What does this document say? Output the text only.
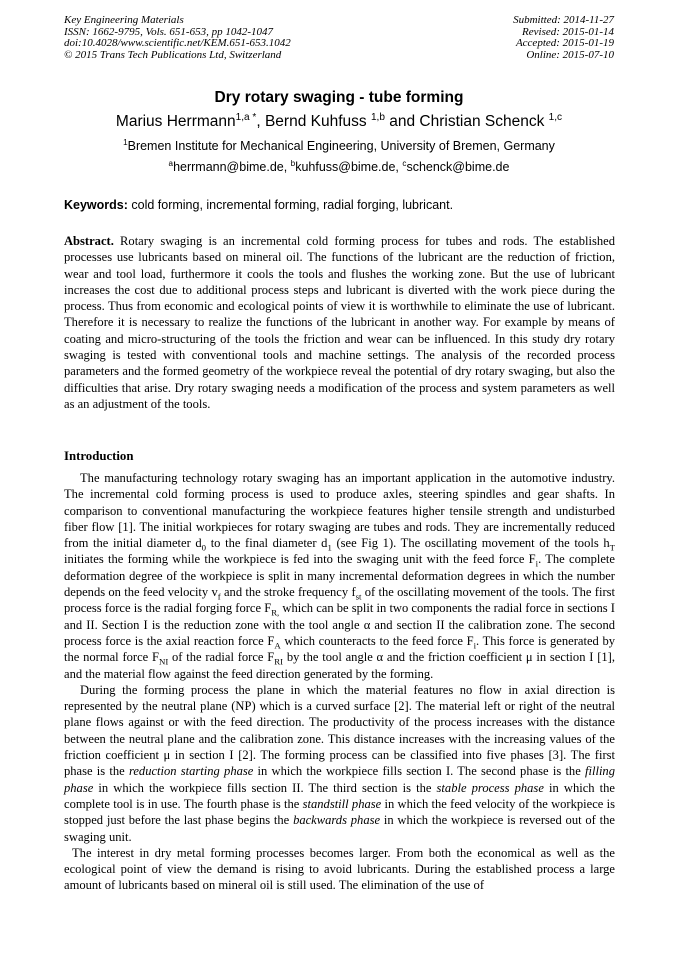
Key Engineering Materials
ISSN: 1662-9795, Vols. 651-653, pp 1042-1047
doi:10.4028/www.scientific.net/KEM.651-653.1042
© 2015 Trans Tech Publications Ltd, Switzerland
Submitted: 2014-11-27
Revised: 2015-01-14
Accepted: 2015-01-19
Online: 2015-07-10
Dry rotary swaging - tube forming
Marius Herrmann$^{1,a *}$, Bernd Kuhfuss $^{1,b}$ and Christian Schenck $^{1,c}$
$^1$Bremen Institute for Mechanical Engineering, University of Bremen, Germany
$^a$herrmann@bime.de, $^b$kuhfuss@bime.de, $^c$schenck@bime.de
Keywords: cold forming, incremental forming, radial forging, lubricant.
Abstract. Rotary swaging is an incremental cold forming process for tubes and rods. The established processes use lubricants based on mineral oil. The functions of the lubricant are the reduction of friction, wear and tool load, furthermore it cools the tools and flushes the working zone. But the use of lubricant increases the cost due to additional process steps and lubricant is diverted with the work piece during the process. Thus from economic and ecological points of view it is worthwhile to eliminate the use of lubricant. Therefore it is necessary to realize the functions of the lubricant in another way. For example by means of coating and micro-structuring of the tools the friction and wear can be influenced. In this study dry rotary swaging is tested with conventional tools and machine settings. The analysis of the recorded process parameters and the formed geometry of the workpiece reveal the potential of dry rotary swaging, but also the difficulties that arise. Dry rotary swaging needs a modification of the process and system parameters as well as an adjustment of the tools.
Introduction

The manufacturing technology rotary swaging has an important application in the automotive industry. The incremental cold forming process is used to produce axles, steering spindles and gear shafts. In comparison to conventional manufacturing the workpiece features higher tensile strength and undisturbed fiber flow [1]. The initial workpieces for rotary swaging are tubes and rods. They are incrementally reduced from the initial diameter $d_0$ to the final diameter $d_1$ (see Fig 1). The oscillating movement of the tools $h_T$ initiates the forming while the workpiece is fed into the swaging unit with the feed force $F_i$. The complete deformation degree of the workpiece is split in many incremental deformation degrees in which the number depends on the feed velocity $v_f$ and the stroke frequency $f_{st}$ of the oscillating movement of the tools. The first process force is the radial forging force $F_{R,}$ which can be split in two components the radial force in sections I and II. Section I is the reduction zone with the tool angle α and section II the calibration zone. The second process force is the axial reaction force $F_A$ which counteracts to the feed force $F_i$. This force is generated by the normal force $F_{NI}$ of the radial force $F_{RI}$ by the tool angle α and the friction coefficient μ in section I [1], and the material flow against the feed direction generated by the forming.

During the forming process the plane in which the material features no flow in axial direction is represented by the neutral plane (NP) which is a curved surface [2]. The material left or right of the neutral plane flows against or with the feed direction. The productivity of the process increases with the distance between the neutral plane and the calibration zone. This distance increases with the increasing values of the friction coefficient μ in section I [2]. The forming process can be classified into five phases [3]. The first phase is the reduction starting phase in which the workpiece fills section I. The second phase is the filling phase in which the workpiece fills section II. The third section is the stable process phase in which the complete tool is in use. The fourth phase is the standstill phase in which the feed velocity of the workpiece is stopped just before the last phase begins the backwards phase in which the workpiece is reversed out of the swaging unit.

The interest in dry metal forming processes becomes larger. From both the economical as well as the ecological point of view the demand is rising to avoid lubricants. During the established process a large amount of lubricants based on mineral oil is still used. The elimination of the use of
